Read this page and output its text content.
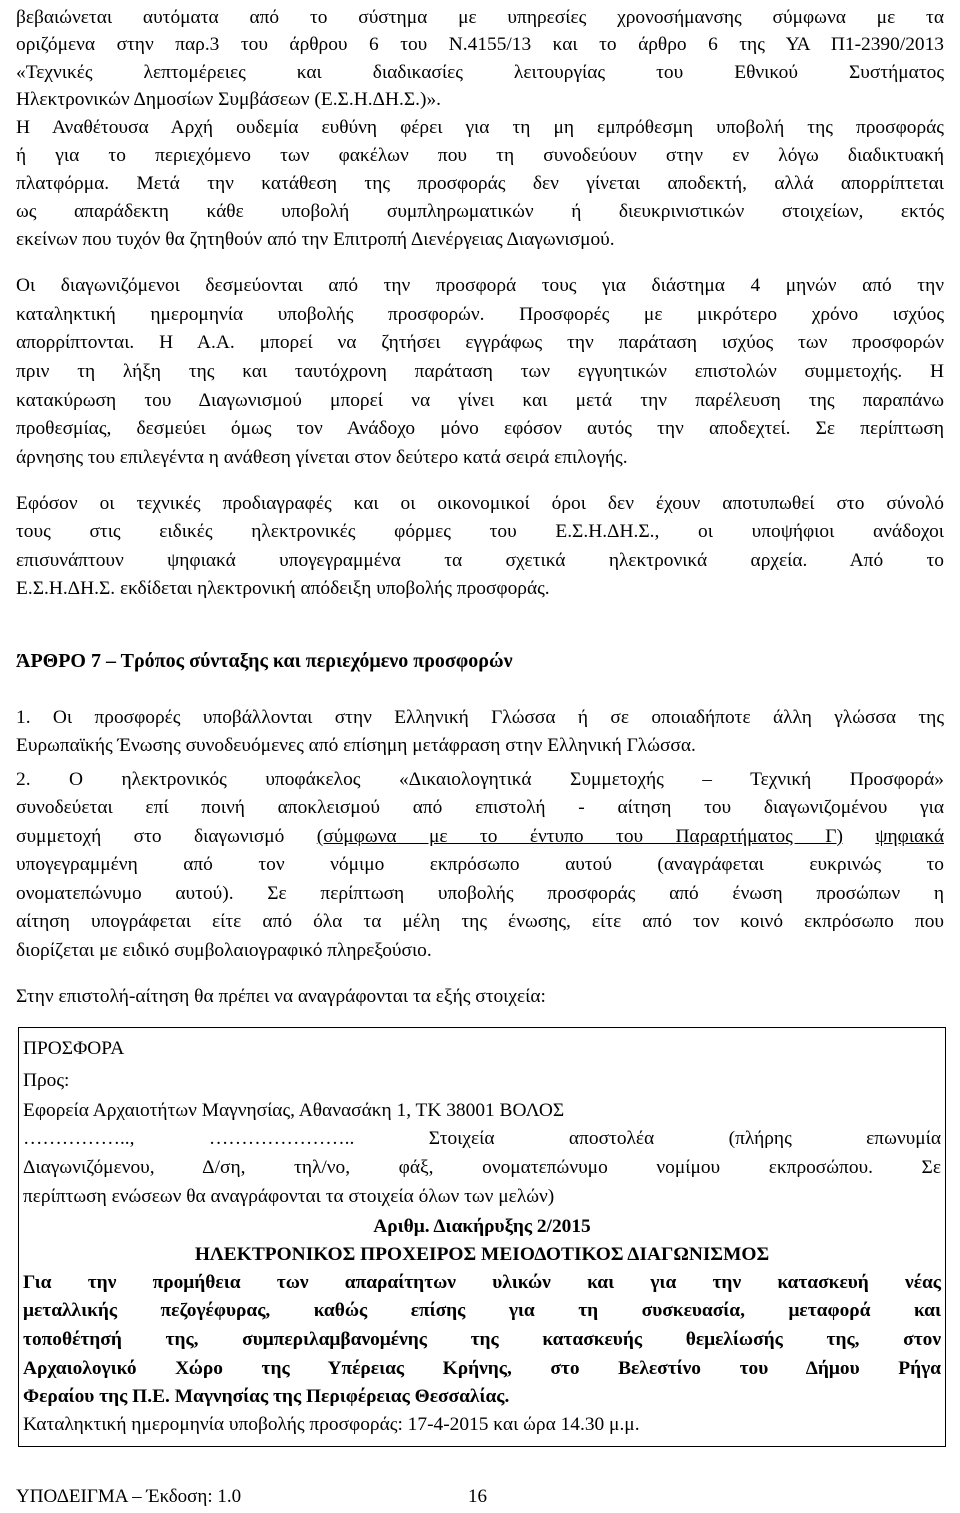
βεβαιώνεται αυτόματα από το σύστημα με υπηρεσίες χρονοσήμανσης σύμφωνα με τα
οριζόμενα στην παρ.3 του άρθρου 6 του Ν.4155/13 και το άρθρο 6 της ΥΑ Π1-2390/2013
«Τεχνικές λεπτομέρειες και διαδικασίες λειτουργίας του Εθνικού Συστήματος
Ηλεκτρονικών Δημοσίων Συμβάσεων (Ε.Σ.Η.ΔΗ.Σ.)».
Η Αναθέτουσα Αρχή ουδεμία ευθύνη φέρει για τη μη εμπρόθεσμη υποβολή της προσφοράς
ή για το περιεχόμενο των φακέλων που τη συνοδεύουν στην εν λόγω διαδικτυακή
πλατφόρμα. Μετά την κατάθεση της προσφοράς δεν γίνεται αποδεκτή, αλλά απορρίπτεται
ως απαράδεκτη κάθε υποβολή συμπληρωματικών ή διευκρινιστικών στοιχείων, εκτός
εκείνων που τυχόν θα ζητηθούν από την Επιτροπή Διενέργειας Διαγωνισμού.
Οι διαγωνιζόμενοι δεσμεύονται από την προσφορά τους για διάστημα 4 μηνών από την
καταληκτική ημερομηνία υποβολής προσφορών. Προσφορές με μικρότερο χρόνο ισχύος
απορρίπτονται. Η Α.Α. μπορεί να ζητήσει εγγράφως την παράταση ισχύος των προσφορών
πριν τη λήξη της και ταυτόχρονη παράταση των εγγυητικών επιστολών συμμετοχής. Η
κατακύρωση του Διαγωνισμού μπορεί να γίνει και μετά την παρέλευση της παραπάνω
προθεσμίας, δεσμεύει όμως τον Ανάδοχο μόνο εφόσον αυτός την αποδεχτεί. Σε περίπτωση
άρνησης του επιλεγέντα η ανάθεση γίνεται στον δεύτερο κατά σειρά επιλογής.
Εφόσον οι τεχνικές προδιαγραφές και οι οικονομικοί όροι δεν έχουν αποτυπωθεί στο σύνολό
τους στις ειδικές ηλεκτρονικές φόρμες του Ε.Σ.Η.ΔΗ.Σ., οι υποψήφιοι ανάδοχοι
επισυνάπτουν ψηφιακά υπογεγραμμένα τα σχετικά ηλεκτρονικά αρχεία. Από το
Ε.Σ.Η.ΔΗ.Σ. εκδίδεται ηλεκτρονική απόδειξη υποβολής προσφοράς.
ΆΡΘΡΟ 7 – Τρόπος σύνταξης και περιεχόμενο προσφορών
1. Οι προσφορές υποβάλλονται στην Ελληνική Γλώσσα ή σε οποιαδήποτε άλλη γλώσσα της
Ευρωπαϊκής Ένωσης συνοδευόμενες από επίσημη μετάφραση στην Ελληνική Γλώσσα.
2. Ο ηλεκτρονικός υποφάκελος «Δικαιολογητικά Συμμετοχής – Τεχνική Προσφορά»
συνοδεύεται επί ποινή αποκλεισμού από επιστολή - αίτηση του διαγωνιζομένου για
συμμετοχή στο διαγωνισμό (σύμφωνα με το έντυπο του Παραρτήματος Γ) ψηφιακά
υπογεγραμμένη από τον νόμιμο εκπρόσωπο αυτού (αναγράφεται ευκρινώς το
ονοματεπώνυμο αυτού). Σε περίπτωση υποβολής προσφοράς από ένωση προσώπων η
αίτηση υπογράφεται είτε από όλα τα μέλη της ένωσης, είτε από τον κοινό εκπρόσωπο που
διορίζεται με ειδικό συμβολαιογραφικό πληρεξούσιο.
Στην επιστολή-αίτηση θα πρέπει να αναγράφονται τα εξής στοιχεία:
ΠΡΟΣΦΟΡΑ
Προς:
Εφορεία Αρχαιοτήτων Μαγνησίας, Αθανασάκη 1, ΤΚ 38001 ΒΟΛΟΣ
……………..,     …………………..     Στοιχεία     αποστολέα     (πλήρης     επωνυμία
Διαγωνιζόμενου, Δ/ση, τηλ/νο, φάξ, ονοματεπώνυμο νομίμου εκπροσώπου. Σε
περίπτωση ενώσεων θα αναγράφονται τα στοιχεία όλων των μελών)
Αριθμ. Διακήρυξης 2/2015
ΗΛΕΚΤΡΟΝΙΚΟΣ ΠΡΟΧΕΙΡΟΣ ΜΕΙΟΔΟΤΙΚΟΣ ΔΙΑΓΩΝΙΣΜΟΣ
Για την προμήθεια των απαραίτητων υλικών και για την κατασκευή νέας
μεταλλικής πεζογέφυρας, καθώς επίσης για τη συσκευασία, μεταφορά και
τοποθέτησή της, συμπεριλαμβανομένης της κατασκευής θεμελίωσής της, στον
Αρχαιολογικό Χώρο της Υπέρειας Κρήνης, στο Βελεστίνο του Δήμου Ρήγα
Φεραίου της Π.Ε. Μαγνησίας της Περιφέρειας Θεσσαλίας.
Καταληκτική ημερομηνία υποβολής προσφοράς: 17-4-2015 και ώρα 14.30 μ.μ.
ΥΠΟΔΕΙΓΜΑ – Έκδοση: 1.0	16
